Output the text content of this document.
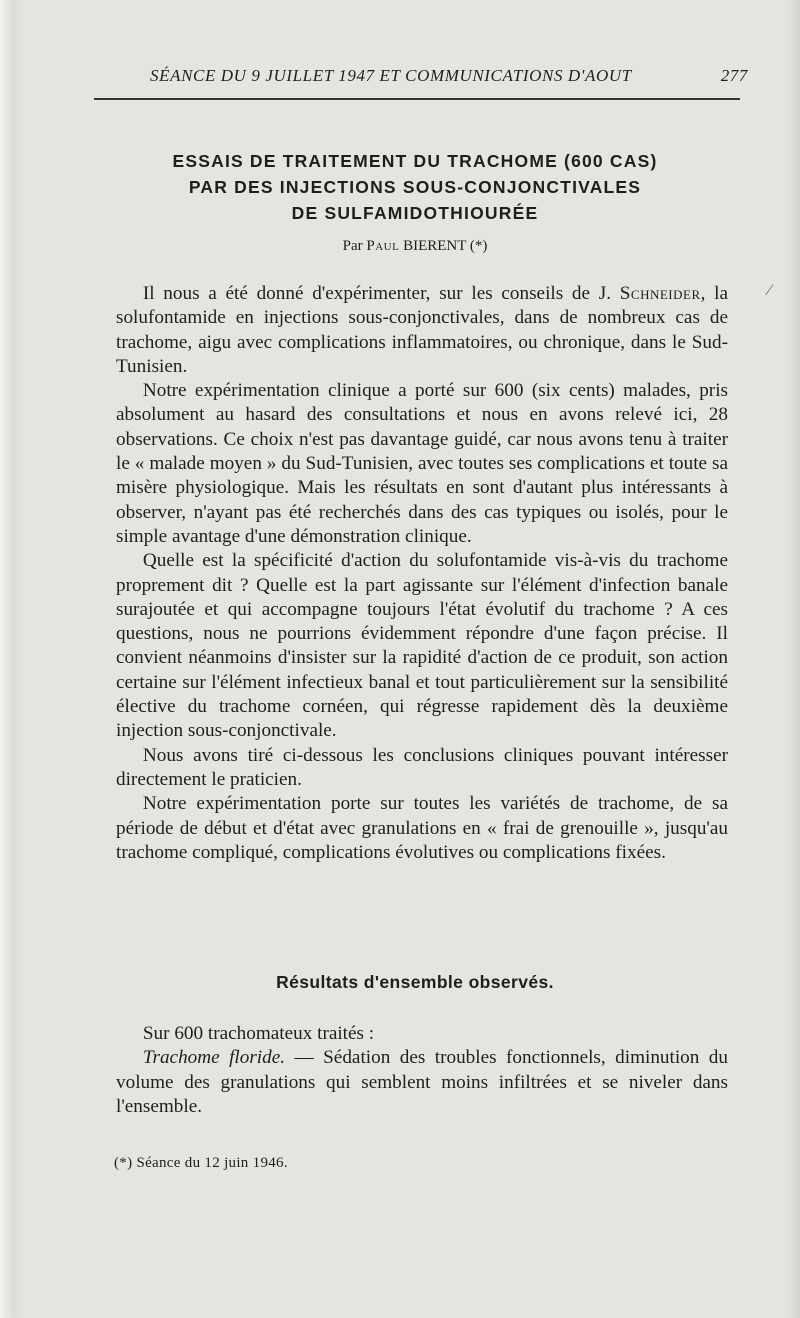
⁄
SÉANCE DU 9 JUILLET 1947 ET COMMUNICATIONS D'AOUT	277
ESSAIS DE TRAITEMENT DU TRACHOME (600 CAS)
PAR DES INJECTIONS SOUS-CONJONCTIVALES
DE SULFAMIDOTHIOURÉE
Par Paul BIERENT (*)

Il nous a été donné d'expérimenter, sur les conseils de J. Schneider, la solufontamide en injections sous-conjonctivales, dans de nombreux cas de trachome, aigu avec complications inflammatoires, ou chronique, dans le Sud-Tunisien.

Notre expérimentation clinique a porté sur 600 (six cents) malades, pris absolument au hasard des consultations et nous en avons relevé ici, 28 observations. Ce choix n'est pas davantage guidé, car nous avons tenu à traiter le « malade moyen » du Sud-Tunisien, avec toutes ses complications et toute sa misère physiologique. Mais les résultats en sont d'autant plus intéressants à observer, n'ayant pas été recherchés dans des cas typiques ou isolés, pour le simple avantage d'une démonstration clinique.

Quelle est la spécificité d'action du solufontamide vis-à-vis du trachome proprement dit ? Quelle est la part agissante sur l'élément d'infection banale surajoutée et qui accompagne toujours l'état évolutif du trachome ? A ces questions, nous ne pourrions évidemment répondre d'une façon précise. Il convient néanmoins d'insister sur la rapidité d'action de ce produit, son action certaine sur l'élément infectieux banal et tout particulièrement sur la sensibilité élective du trachome cornéen, qui régresse rapidement dès la deuxième injection sous-conjonctivale.

Nous avons tiré ci-dessous les conclusions cliniques pouvant intéresser directement le praticien.

Notre expérimentation porte sur toutes les variétés de trachome, de sa période de début et d'état avec granulations en « frai de grenouille », jusqu'au trachome compliqué, complications évolutives ou complications fixées.

Résultats d'ensemble observés.

Sur 600 trachomateux traités :

Trachome floride. — Sédation des troubles fonctionnels, diminution du volume des granulations qui semblent moins infiltrées et se niveler dans l'ensemble.

(*) Séance du 12 juin 1946.
